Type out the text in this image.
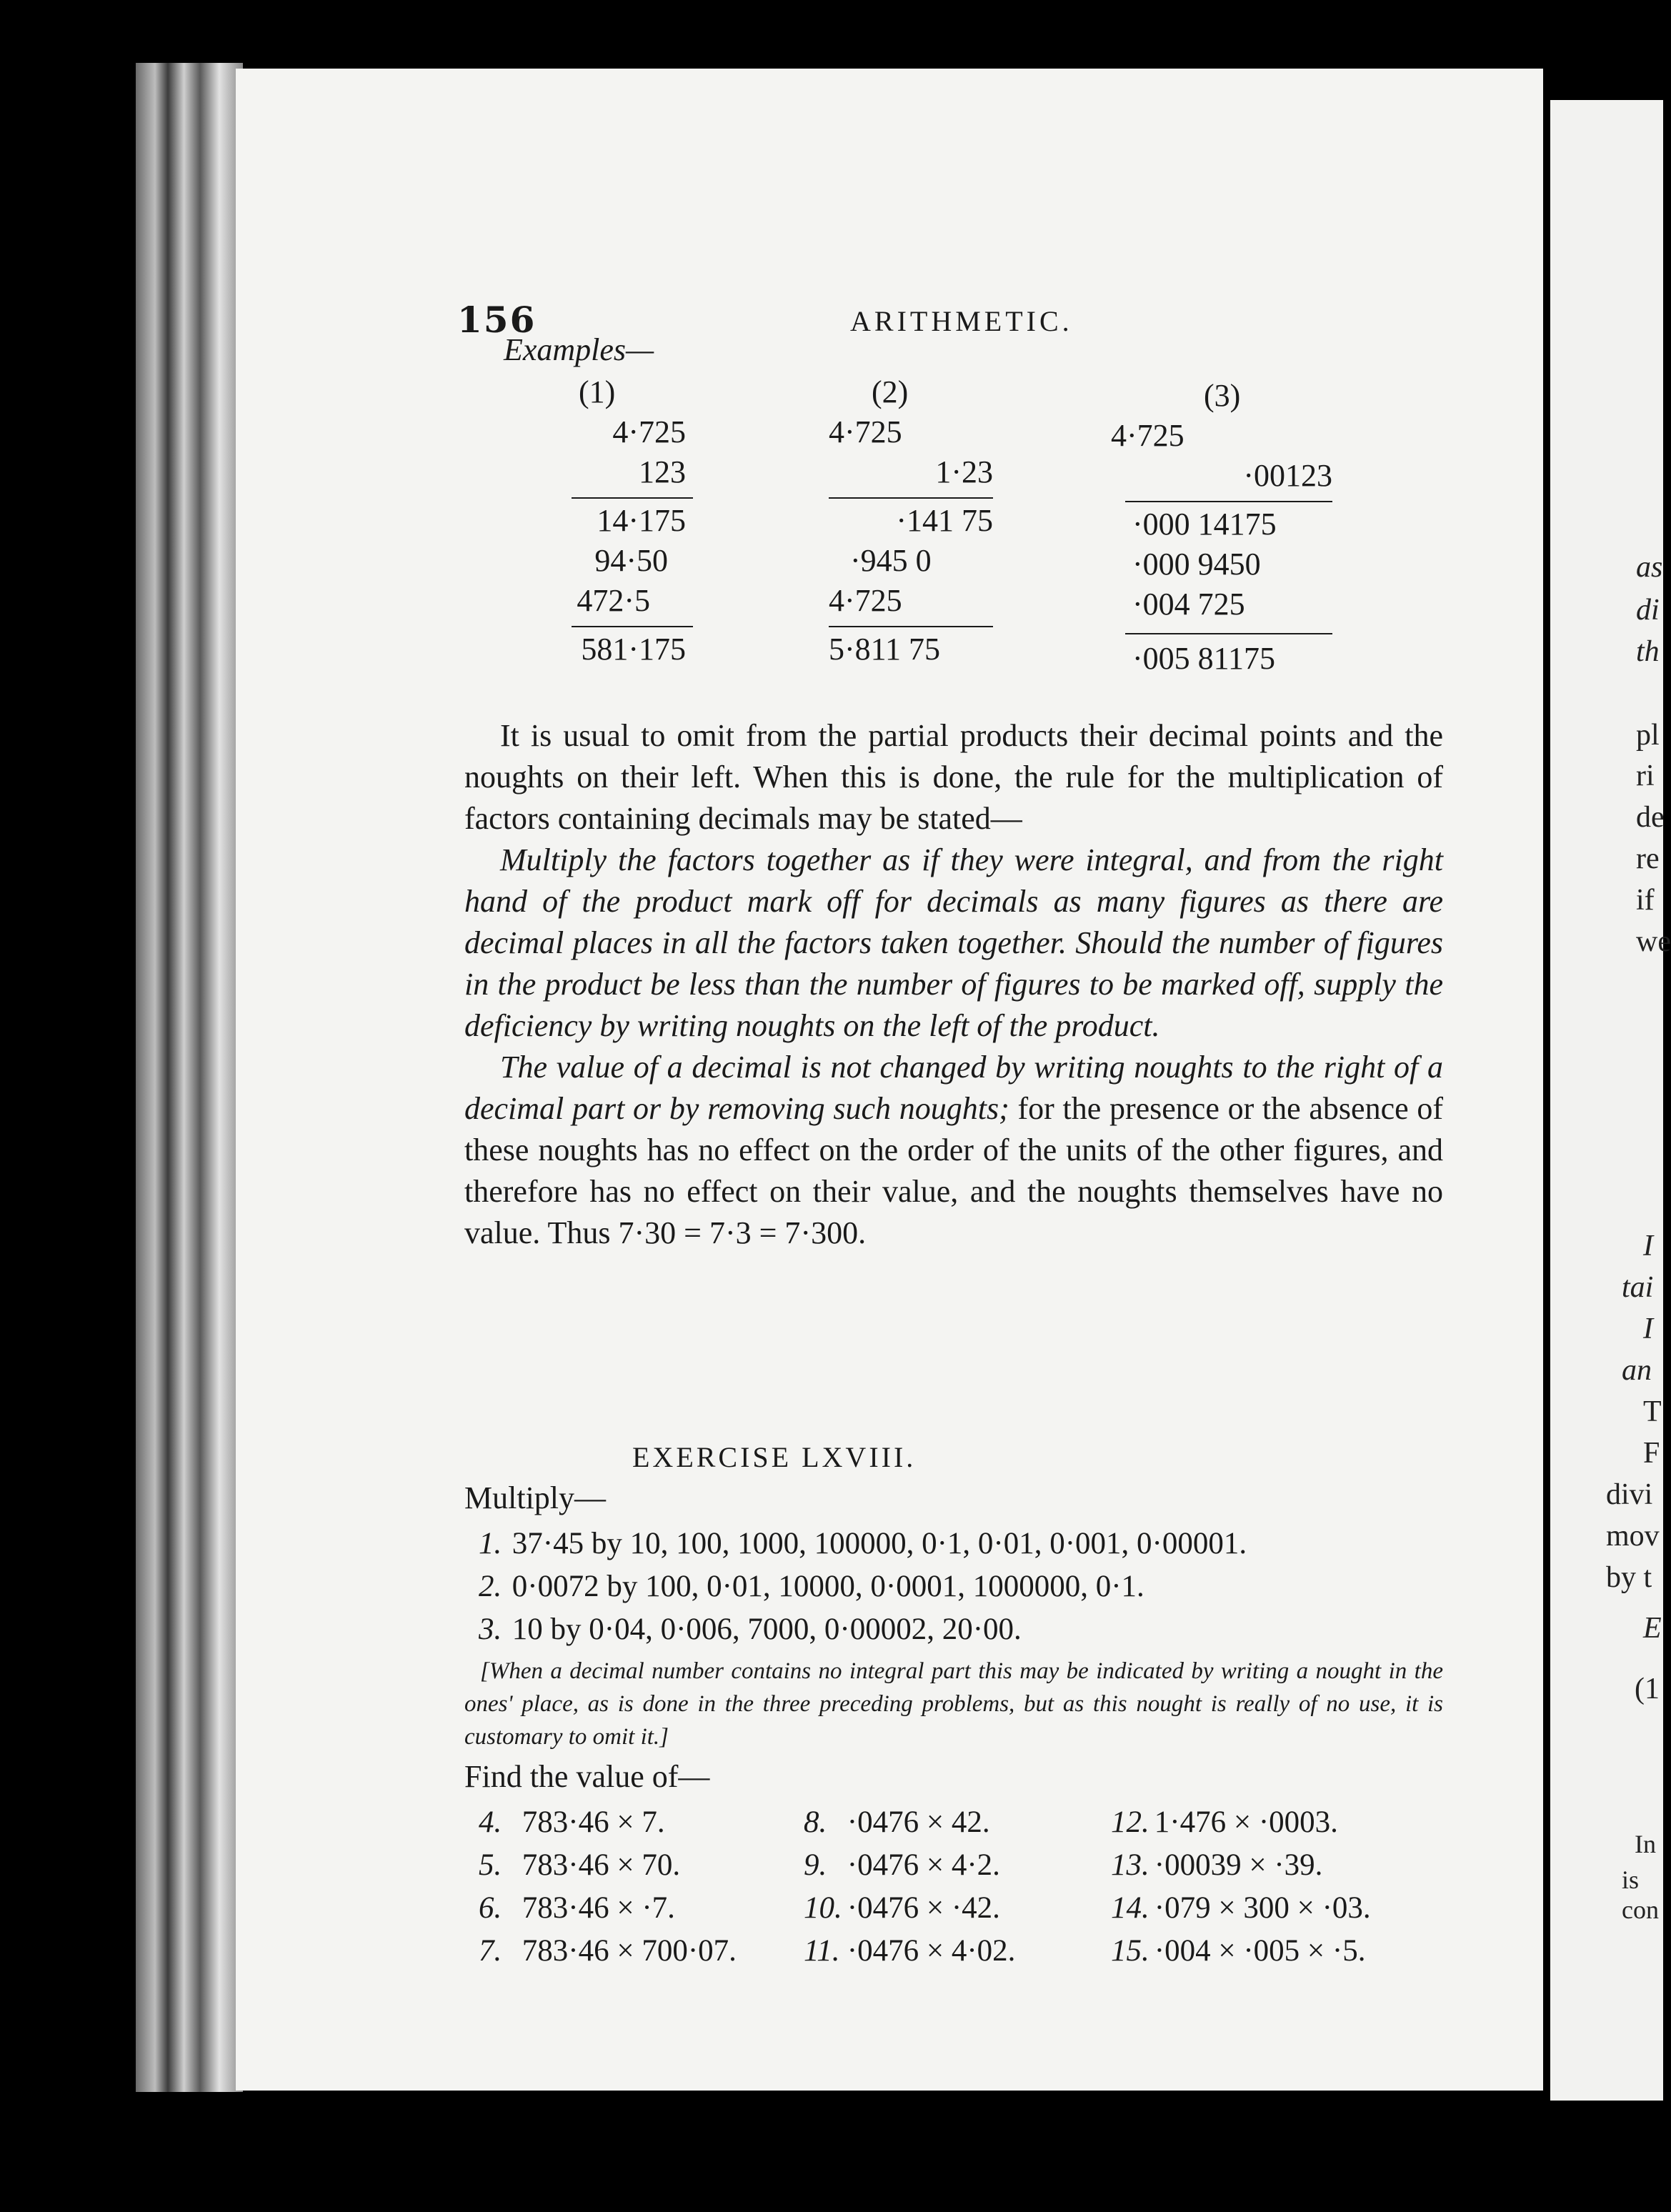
as
di
th
pl
ri
de
re
if
we
I
tai
I
an
T
F
divi
mov
by t
E
(1
In
is con
156	ARITHMETIC.
Examples—
(1)
4·725
123
14·175
94·50
472·5
581·175
(2)
4·725
1·23
·141 75
·945 0
4·725
5·811 75
(3)
4·725
·00123
·000 14175
·000 9450
·004 725
·005 81175

It is usual to omit from the partial products their decimal points and the noughts on their left. When this is done, the rule for the multiplication of factors containing decimals may be stated—

Multiply the factors together as if they were integral, and from the right hand of the product mark off for decimals as many figures as there are decimal places in all the factors taken together. Should the number of figures in the product be less than the number of figures to be marked off, supply the deficiency by writing noughts on the left of the product.

The value of a decimal is not changed by writing noughts to the right of a decimal part or by removing such noughts; for the presence or the absence of these noughts has no effect on the order of the units of the other figures, and therefore has no effect on their value, and the noughts themselves have no value. Thus 7·30 = 7·3 = 7·300.

EXERCISE LXVIII.
Multiply—
1. 37·45 by 10, 100, 1000, 100000, 0·1, 0·01, 0·001, 0·00001.
2. 0·0072 by 100, 0·01, 10000, 0·0001, 1000000, 0·1.
3. 10 by 0·04, 0·006, 7000, 0·00002, 20·00.
[When a decimal number contains no integral part this may be indicated by writing a nought in the ones' place, as is done in the three preceding problems, but as this nought is really of no use, it is customary to omit it.]
Find the value of—
4. 783·46 × 7.
5. 783·46 × 70.
6. 783·46 × ·7.
7. 783·46 × 700·07.
8. ·0476 × 42.
9. ·0476 × 4·2.
10. ·0476 × ·42.
11. ·0476 × 4·02.
12. 1·476 × ·0003.
13. ·00039 × ·39.
14. ·079 × 300 × ·03.
15. ·004 × ·005 × ·5.
